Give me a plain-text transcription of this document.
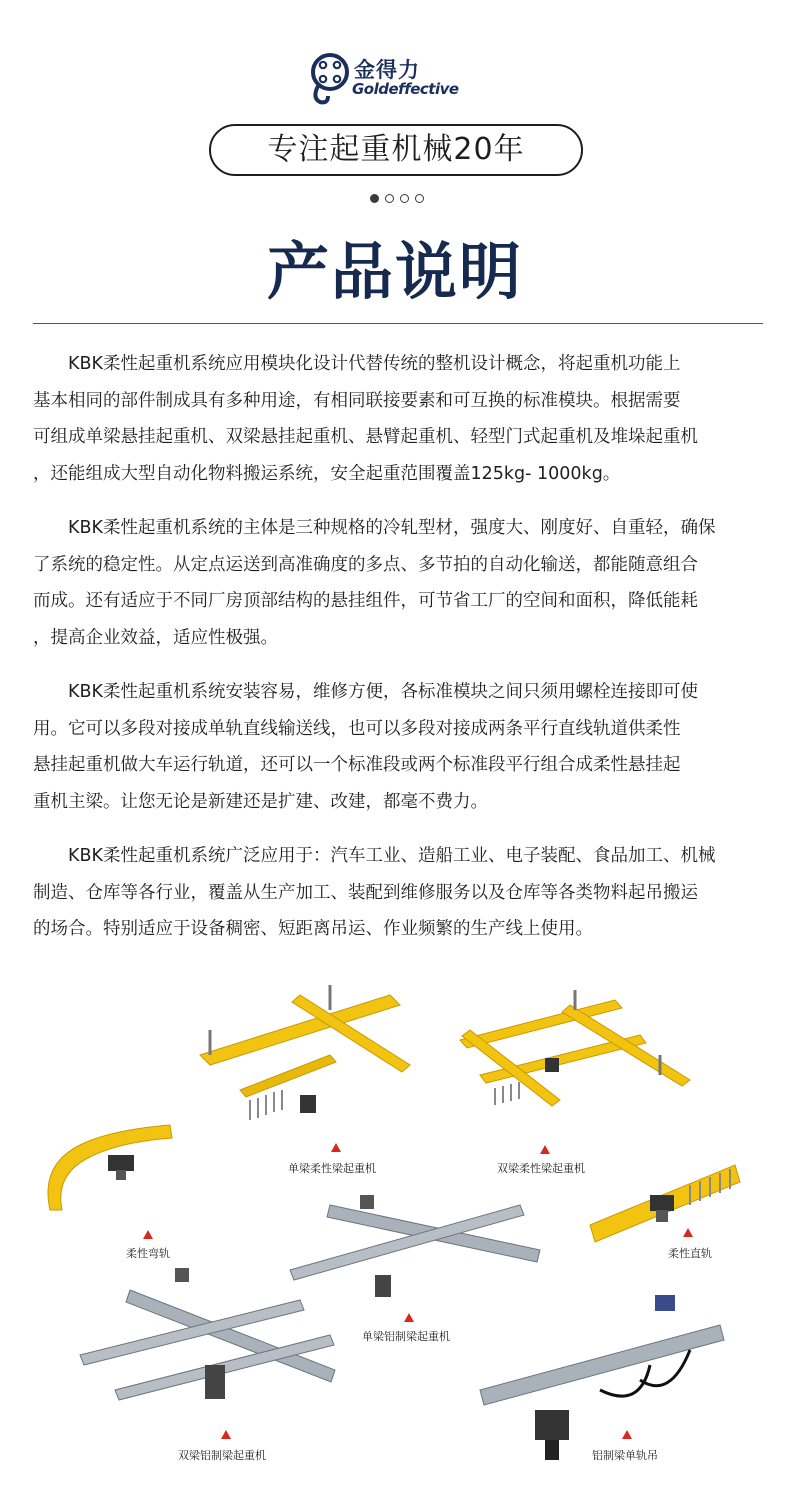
金得力
Goldeffective
专注起重机械20年
产品说明

　　KBK柔性起重机系统应用模块化设计代替传统的整机设计概念，将起重机功能上
基本相同的部件制成具有多种用途，有相同联接要素和可互换的标准模块。根据需要
可组成单梁悬挂起重机、双梁悬挂起重机、悬臂起重机、轻型门式起重机及堆垛起重机
，还能组成大型自动化物料搬运系统，安全起重范围覆盖125kg- 1000kg。

　　KBK柔性起重机系统的主体是三种规格的冷轧型材，强度大、刚度好、自重轻，确保
了系统的稳定性。从定点运送到高准确度的多点、多节拍的自动化输送，都能随意组合
而成。还有适应于不同厂房顶部结构的悬挂组件，可节省工厂的空间和面积，降低能耗
，提高企业效益，适应性极强。

　　KBK柔性起重机系统安装容易，维修方便，各标准模块之间只须用螺栓连接即可使
用。它可以多段对接成单轨直线输送线，也可以多段对接成两条平行直线轨道供柔性
悬挂起重机做大车运行轨道，还可以一个标准段或两个标准段平行组合成柔性悬挂起
重机主梁。让您无论是新建还是扩建、改建，都毫不费力。

　　KBK柔性起重机系统广泛应用于：汽车工业、造船工业、电子装配、食品加工、机械
制造、仓库等各行业，覆盖从生产加工、装配到维修服务以及仓库等各类物料起吊搬运
的场合。特别适应于设备稠密、短距离吊运、作业频繁的生产线上使用。

单梁柔性梁起重机	双梁柔性梁起重机
柔性弯轨	柔性直轨
单梁铝制梁起重机
双梁铝制梁起重机	铝制梁单轨吊
